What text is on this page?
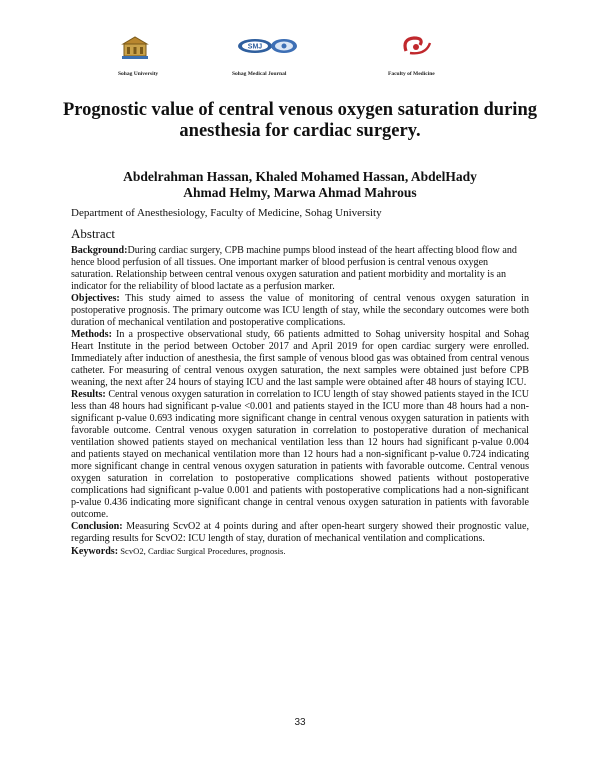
SMJ
Sohag University	Sohag Medical Journal	Faculty of Medicine
Prognostic value of central venous oxygen saturation during anesthesia for cardiac surgery.
Abdelrahman Hassan, Khaled Mohamed Hassan, AbdelHady
Ahmad Helmy, Marwa Ahmad Mahrous
Department of Anesthesiology, Faculty of Medicine, Sohag University
Abstract

Background:During cardiac surgery, CPB machine pumps blood instead of the heart affecting blood flow and hence blood perfusion of all tissues. One important marker of blood perfusion is central venous oxygen saturation. Relationship between central venous oxygen saturation and patient morbidity and mortality is an indicator for the reliability of blood lactate as a perfusion marker.

Objectives: This study aimed to assess the value of monitoring of central venous oxygen saturation in postoperative prognosis. The primary outcome was ICU length of stay, while the secondary outcomes were both duration of mechanical ventilation and postoperative complications.

Methods: In a prospective observational study, 66 patients admitted to Sohag university hospital and Sohag Heart Institute in the period between October 2017 and April 2019 for open cardiac surgery were enrolled. Immediately after induction of anesthesia, the first sample of venous blood gas was obtained from central venous catheter. For measuring of central venous oxygen saturation, the next samples were obtained just before CPB weaning, the next after 24 hours of staying ICU and the last sample were obtained after 48 hours of staying ICU.

Results: Central venous oxygen saturation in correlation to ICU length of stay showed patients stayed in the ICU less than 48 hours had significant p-value <0.001 and patients stayed in the ICU more than 48 hours had a non-significant p-value 0.693 indicating more significant change in central venous oxygen saturation in patients with favorable outcome. Central venous oxygen saturation in correlation to postoperative duration of mechanical ventilation showed patients stayed on mechanical ventilation less than 12 hours had significant p-value 0.004 and patients stayed on mechanical ventilation more than 12 hours had a non-significant p-value 0.724 indicating more significant change in central venous oxygen saturation in patients with favorable outcome. Central venous oxygen saturation in correlation to postoperative complications showed patients without postoperative complications had significant p-value 0.001 and patients with postoperative complications had a non-significant p-value 0.436 indicating more significant change in central venous oxygen saturation in patients with favorable outcome.

Conclusion: Measuring ScvO2 at 4 points during and after open-heart surgery showed their prognostic value, regarding results for ScvO2: ICU length of stay, duration of mechanical ventilation and complications.

Keywords: ScvO2, Cardiac Surgical Procedures, prognosis.

33
